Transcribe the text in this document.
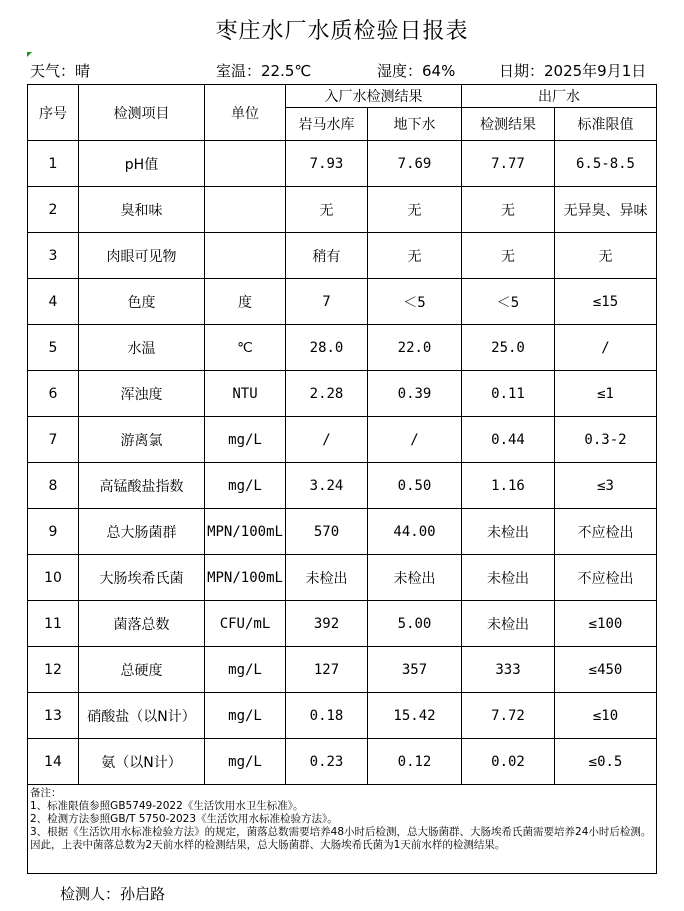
枣庄水厂水质检验日报表
天气：晴	室温：22.5℃	湿度：64%	日期：2025年9月1日
序号	检测项目	单位	入厂水检测结果		出厂水	
			岩马水库	地下水	检测结果	标准限值
1	pH值		7.93	7.69	7.77	6.5-8.5
2	臭和味		无	无	无	无异臭、异味
3	肉眼可见物		稍有	无	无	无
4	色度	度	7	＜5	＜5	≤15
5	水温	℃	28.0	22.0	25.0	/
6	浑浊度	NTU	2.28	0.39	0.11	≤1
7	游离氯	mg/L	/	/	0.44	0.3-2
8	高锰酸盐指数	mg/L	3.24	0.50	1.16	≤3
9	总大肠菌群	MPN/100mL	570	44.00	未检出	不应检出
10	大肠埃希氏菌	MPN/100mL	未检出	未检出	未检出	不应检出
11	菌落总数	CFU/mL	392	5.00	未检出	≤100
12	总硬度	mg/L	127	357	333	≤450
13	硝酸盐（以N计）	mg/L	0.18	15.42	7.72	≤10
14	氨（以N计）	mg/L	0.23	0.12	0.02	≤0.5

备注：
1、标准限值参照GB5749-2022《生活饮用水卫生标准》。
2、检测方法参照GB/T 5750-2023《生活饮用水标准检验方法》。
3、根据《生活饮用水标准检验方法》的规定，菌落总数需要培养48小时后检测，总大肠菌群、大肠埃希氏菌需要培养24小时后检测。因此，上表中菌落总数为2天前水样的检测结果，总大肠菌群、大肠埃希氏菌为1天前水样的检测结果。						
检测人：孙启路
